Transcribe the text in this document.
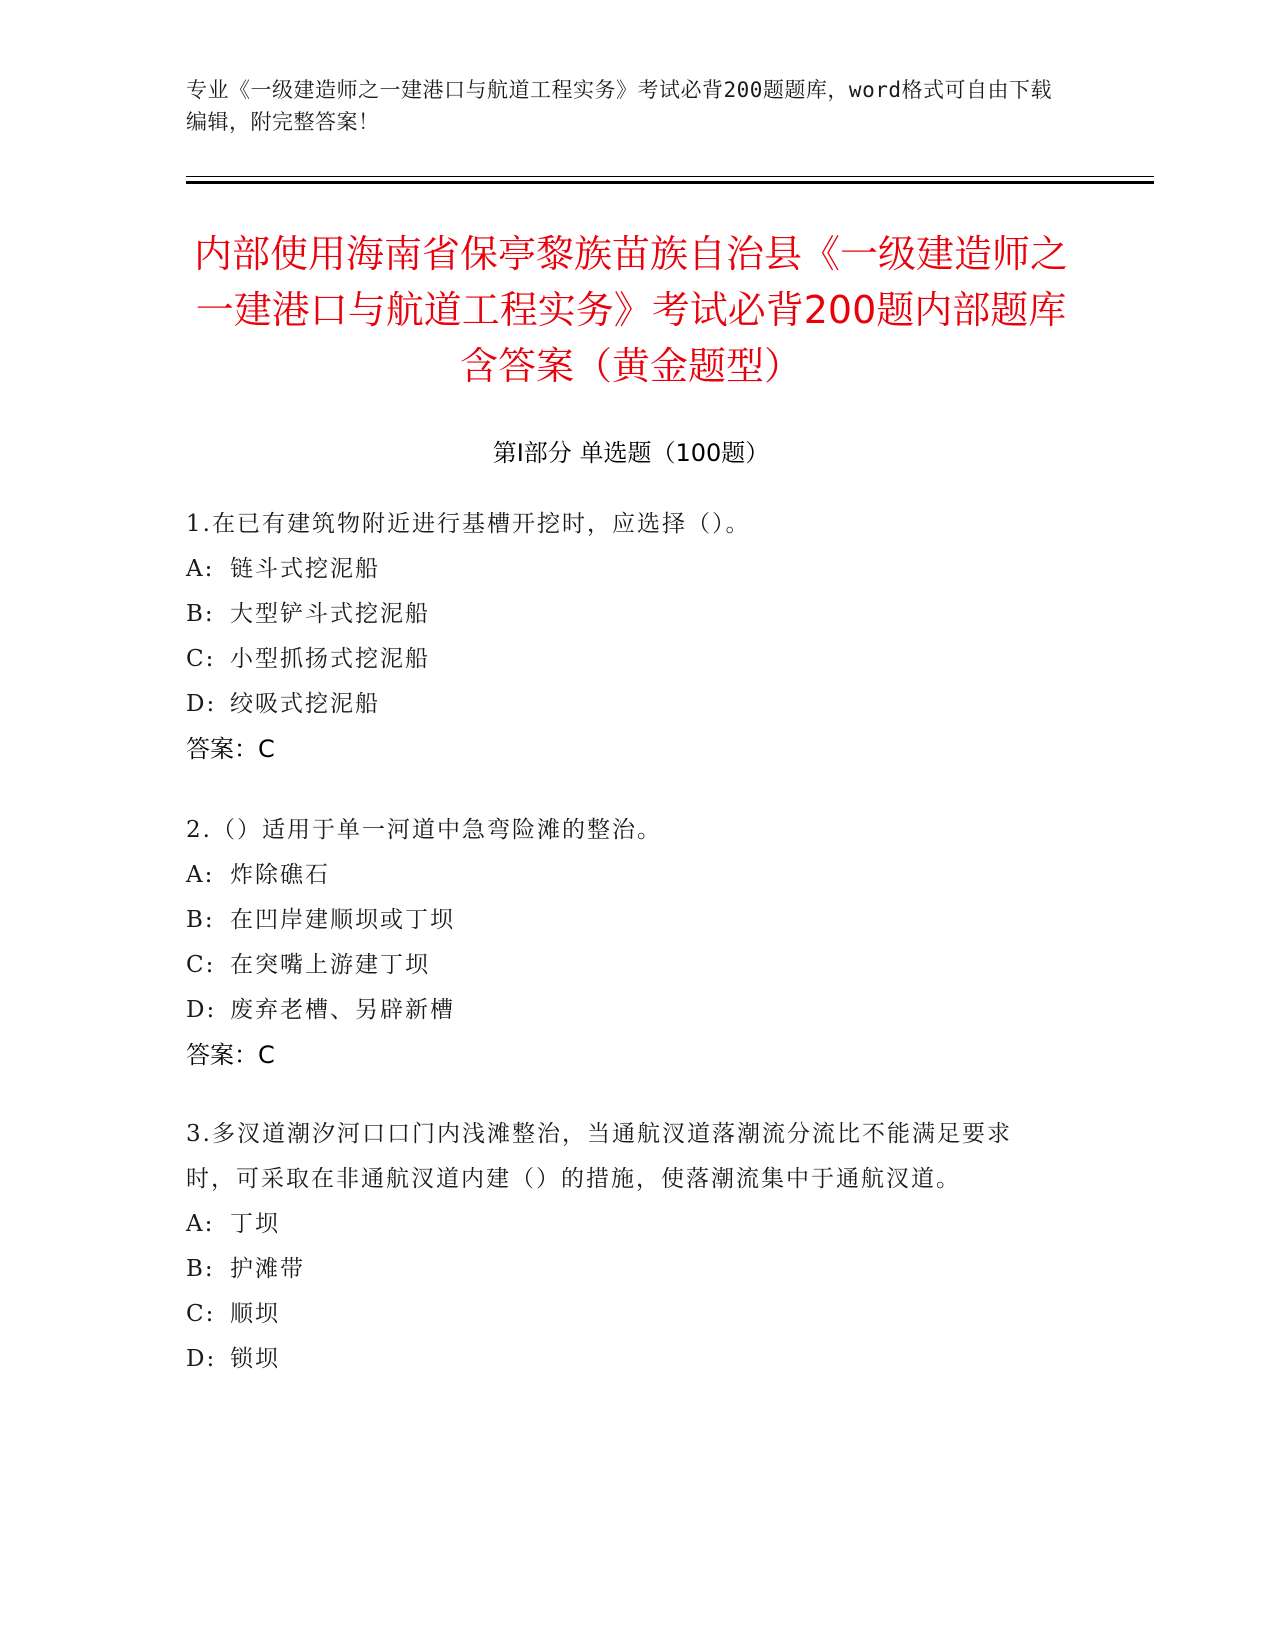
专业《一级建造师之一建港口与航道工程实务》考试必背200题题库，word格式可自由下载编辑，附完整答案！
内部使用海南省保亭黎族苗族自治县《一级建造师之一建港口与航道工程实务》考试必背200题内部题库含答案（黄金题型）
第Ⅰ部分 单选题（100题）
1.在已有建筑物附近进行基槽开挖时，应选择（）。
A: 链斗式挖泥船
B: 大型铲斗式挖泥船
C: 小型抓扬式挖泥船
D: 绞吸式挖泥船
答案：C
2.（）适用于单一河道中急弯险滩的整治。
A: 炸除礁石
B: 在凹岸建顺坝或丁坝
C: 在突嘴上游建丁坝
D: 废弃老槽、另辟新槽
答案：C
3.多汊道潮汐河口口门内浅滩整治，当通航汊道落潮流分流比不能满足要求时，可采取在非通航汊道内建（）的措施，使落潮流集中于通航汊道。
A: 丁坝
B: 护滩带
C: 顺坝
D: 锁坝
